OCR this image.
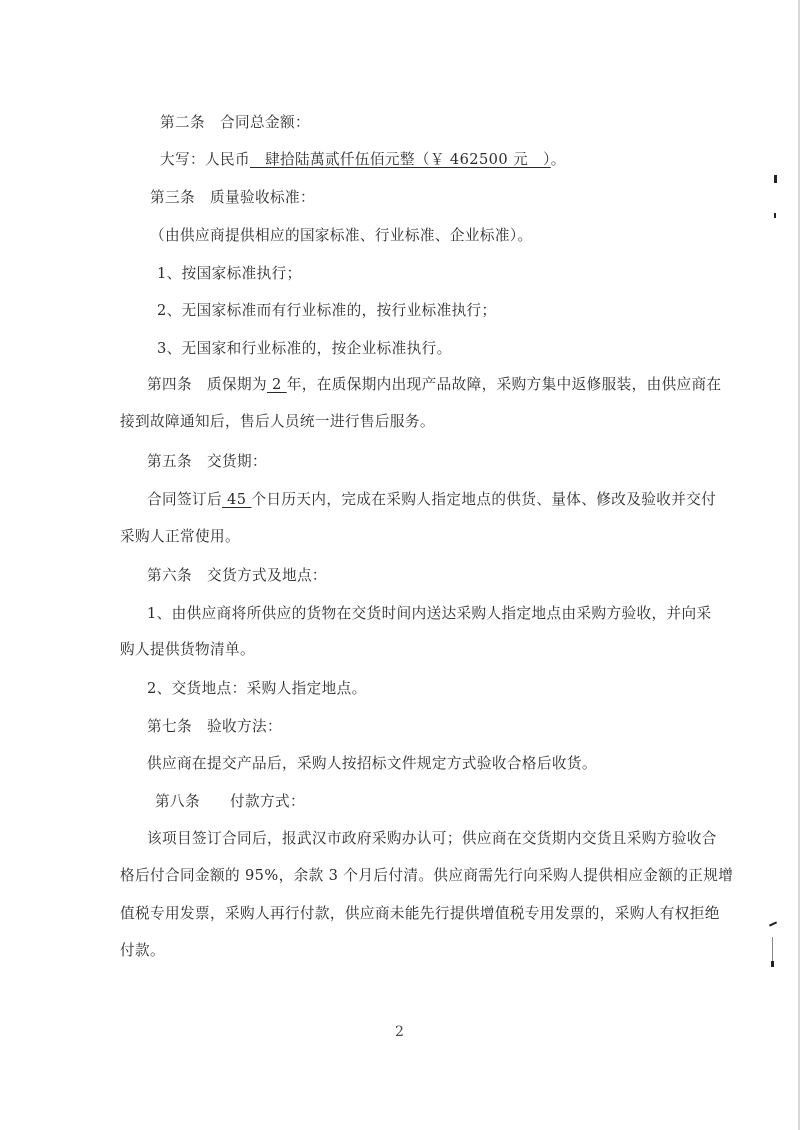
第二条　合同总金额：
大写：人民币　肆拾陆萬贰仟伍佰元整（￥ 462500 元　）。
第三条　质量验收标准：
（由供应商提供相应的国家标准、行业标准、企业标准）。
1、按国家标准执行；
2、无国家标准而有行业标准的，按行业标准执行；
3、无国家和行业标准的，按企业标准执行。
第四条　质保期为 2 年，在质保期内出现产品故障，采购方集中返修服装，由供应商在
接到故障通知后，售后人员统一进行售后服务。
第五条　交货期：
合同签订后 45 个日历天内，完成在采购人指定地点的供货、量体、修改及验收并交付
采购人正常使用。
第六条　交货方式及地点：
1、由供应商将所供应的货物在交货时间内送达采购人指定地点由采购方验收，并向采
购人提供货物清单。
2、交货地点：采购人指定地点。
第七条　验收方法：
供应商在提交产品后，采购人按招标文件规定方式验收合格后收货。
第八条　　付款方式：
该项目签订合同后，报武汉市政府采购办认可；供应商在交货期内交货且采购方验收合
格后付合同金额的 95%，余款 3 个月后付清。供应商需先行向采购人提供相应金额的正规增
值税专用发票，采购人再行付款，供应商未能先行提供增值税专用发票的，采购人有权拒绝
付款。
2
